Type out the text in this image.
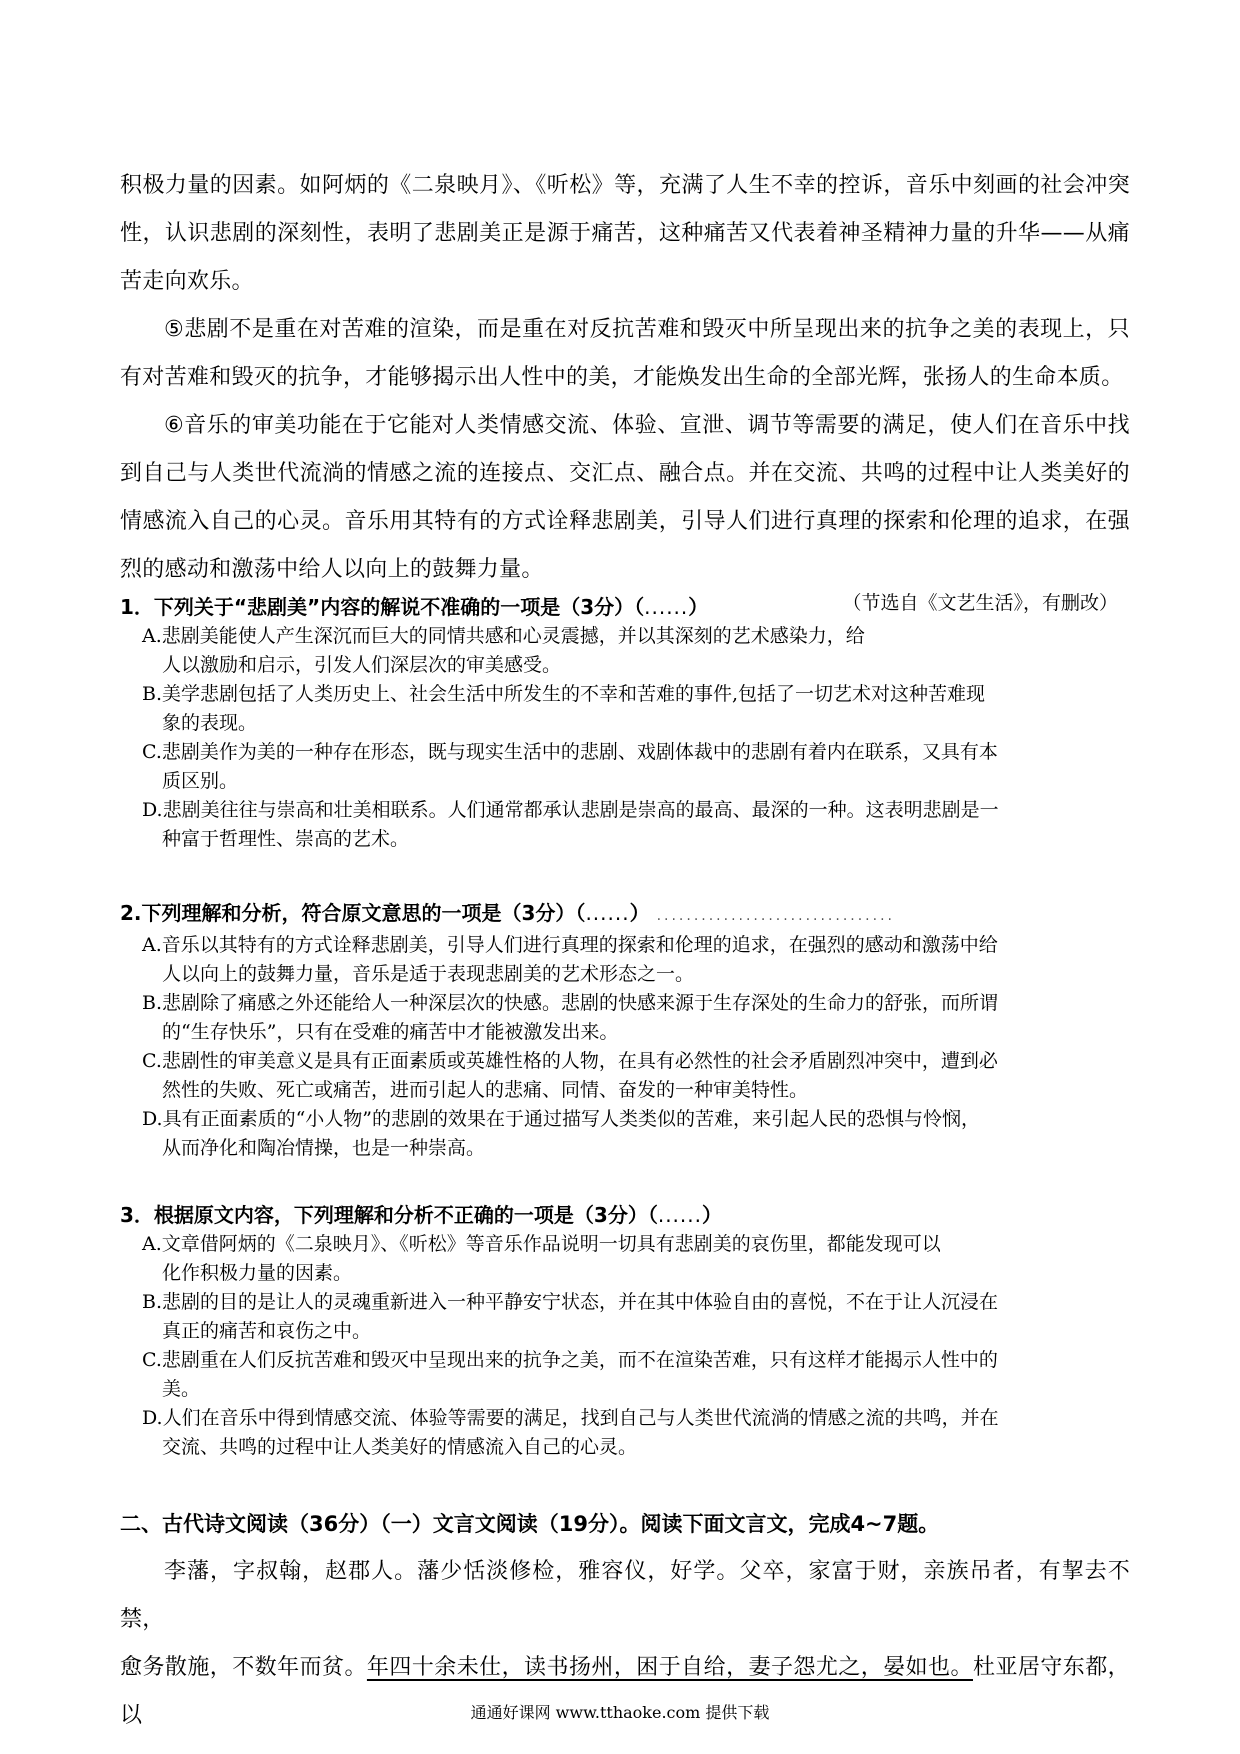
积极力量的因素。如阿炳的《二泉映月》、《听松》等，充满了人生不幸的控诉，音乐中刻画的社会冲突性，认识悲剧的深刻性，表明了悲剧美正是源于痛苦，这种痛苦又代表着神圣精神力量的升华——从痛苦走向欢乐。

⑤悲剧不是重在对苦难的渲染，而是重在对反抗苦难和毁灭中所呈现出来的抗争之美的表现上，只有对苦难和毁灭的抗争，才能够揭示出人性中的美，才能焕发出生命的全部光辉，张扬人的生命本质。

⑥音乐的审美功能在于它能对人类情感交流、体验、宣泄、调节等需要的满足，使人们在音乐中找到自己与人类世代流淌的情感之流的连接点、交汇点、融合点。并在交流、共鸣的过程中让人类美好的情感流入自己的心灵。音乐用其特有的方式诠释悲剧美，引导人们进行真理的探索和伦理的追求，在强烈的感动和激荡中给人以向上的鼓舞力量。

（节选自《文艺生活》，有删改）
1．下列关于“悲剧美”内容的解说不准确的一项是（3分）（......）

A.悲剧美能使人产生深沉而巨大的同情共感和心灵震撼，并以其深刻的艺术感染力，给
人以激励和启示，引发人们深层次的审美感受。

B.美学悲剧包括了人类历史上、社会生活中所发生的不幸和苦难的事件,包括了一切艺术对这种苦难现
象的表现。

C.悲剧美作为美的一种存在形态，既与现实生活中的悲剧、戏剧体裁中的悲剧有着内在联系，又具有本
质区别。

D.悲剧美往往与崇高和壮美相联系。人们通常都承认悲剧是崇高的最高、最深的一种。这表明悲剧是一
种富于哲理性、崇高的艺术。

2.下列理解和分析，符合原文意思的一项是（3分）（......） ................................

A.音乐以其特有的方式诠释悲剧美，引导人们进行真理的探索和伦理的追求，在强烈的感动和激荡中给
人以向上的鼓舞力量，音乐是适于表现悲剧美的艺术形态之一。

B.悲剧除了痛感之外还能给人一种深层次的快感。悲剧的快感来源于生存深处的生命力的舒张，而所谓
的“生存快乐”，只有在受难的痛苦中才能被激发出来。

C.悲剧性的审美意义是具有正面素质或英雄性格的人物，在具有必然性的社会矛盾剧烈冲突中，遭到必
然性的失败、死亡或痛苦，进而引起人的悲痛、同情、奋发的一种审美特性。

D.具有正面素质的“小人物”的悲剧的效果在于通过描写人类类似的苦难，来引起人民的恐惧与怜悯，
从而净化和陶冶情操，也是一种崇高。

3．根据原文内容，下列理解和分析不正确的一项是（3分）（......）

A.文章借阿炳的《二泉映月》、《听松》等音乐作品说明一切具有悲剧美的哀伤里，都能发现可以
化作积极力量的因素。

B.悲剧的目的是让人的灵魂重新进入一种平静安宁状态，并在其中体验自由的喜悦，不在于让人沉浸在
真正的痛苦和哀伤之中。

C.悲剧重在人们反抗苦难和毁灭中呈现出来的抗争之美，而不在渲染苦难，只有这样才能揭示人性中的
美。

D.人们在音乐中得到情感交流、体验等需要的满足，找到自己与人类世代流淌的情感之流的共鸣，并在
交流、共鸣的过程中让人类美好的情感流入自己的心灵。

二、古代诗文阅读（36分）（一）文言文阅读（19分）。阅读下面文言文，完成4~7题。

李藩，字叔翰，赵郡人。藩少恬淡修检，雅容仪，好学。父卒，家富于财，亲族吊者，有挈去不禁，

愈务散施，不数年而贫。年四十余未仕，读书扬州，困于自给，妻子怨尤之，晏如也。杜亚居守东都，以	通通好课网 www.tthaoke.com 提供下载
